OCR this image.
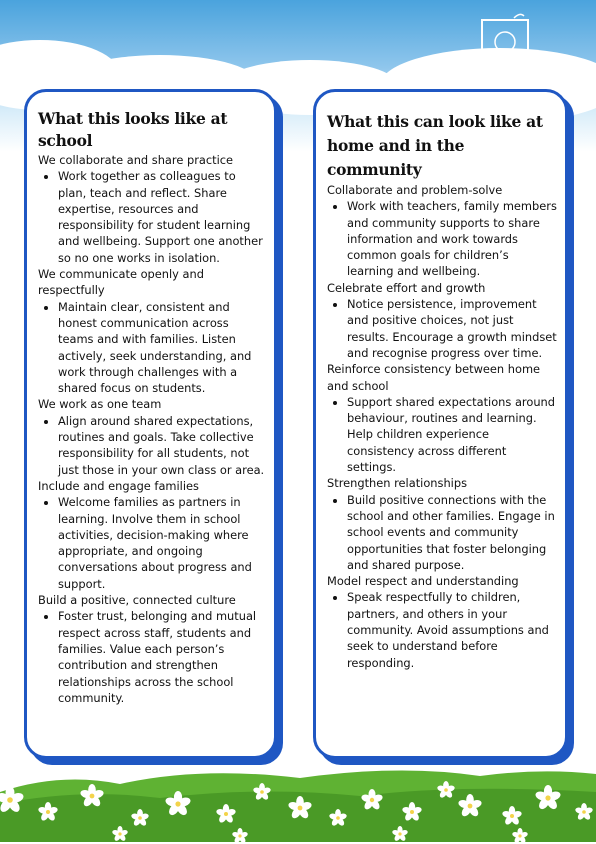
What this looks like at school

We collaborate and share practice

• Work together as colleagues to plan, teach and reflect. Share expertise, resources and responsibility for student learning and wellbeing. Support one another so no one works in isolation.

We communicate openly and respectfully

• Maintain clear, consistent and honest communication across teams and with families. Listen actively, seek understanding, and work through challenges with a shared focus on students.

We work as one team

• Align around shared expectations, routines and goals. Take collective responsibility for all students, not just those in your own class or area.

Include and engage families

• Welcome families as partners in learning. Involve them in school activities, decision-making where appropriate, and ongoing conversations about progress and support.

Build a positive, connected culture

• Foster trust, belonging and mutual respect across staff, students and families. Value each person’s contribution and strengthen relationships across the school community.
What this can look like at
home and in the community

Collaborate and problem-solve

• Work with teachers, family members and community supports to share information and work towards common goals for children’s learning and wellbeing.

Celebrate effort and growth

• Notice persistence, improvement and positive choices, not just results. Encourage a growth mindset and recognise progress over time.

Reinforce consistency between home and school

• Support shared expectations around behaviour, routines and learning. Help children experience consistency across different settings.

Strengthen relationships

• Build positive connections with the school and other families. Engage in school events and community opportunities that foster belonging and shared purpose.

Model respect and understanding

• Speak respectfully to children, partners, and others in your community. Avoid assumptions and seek to understand before responding.
